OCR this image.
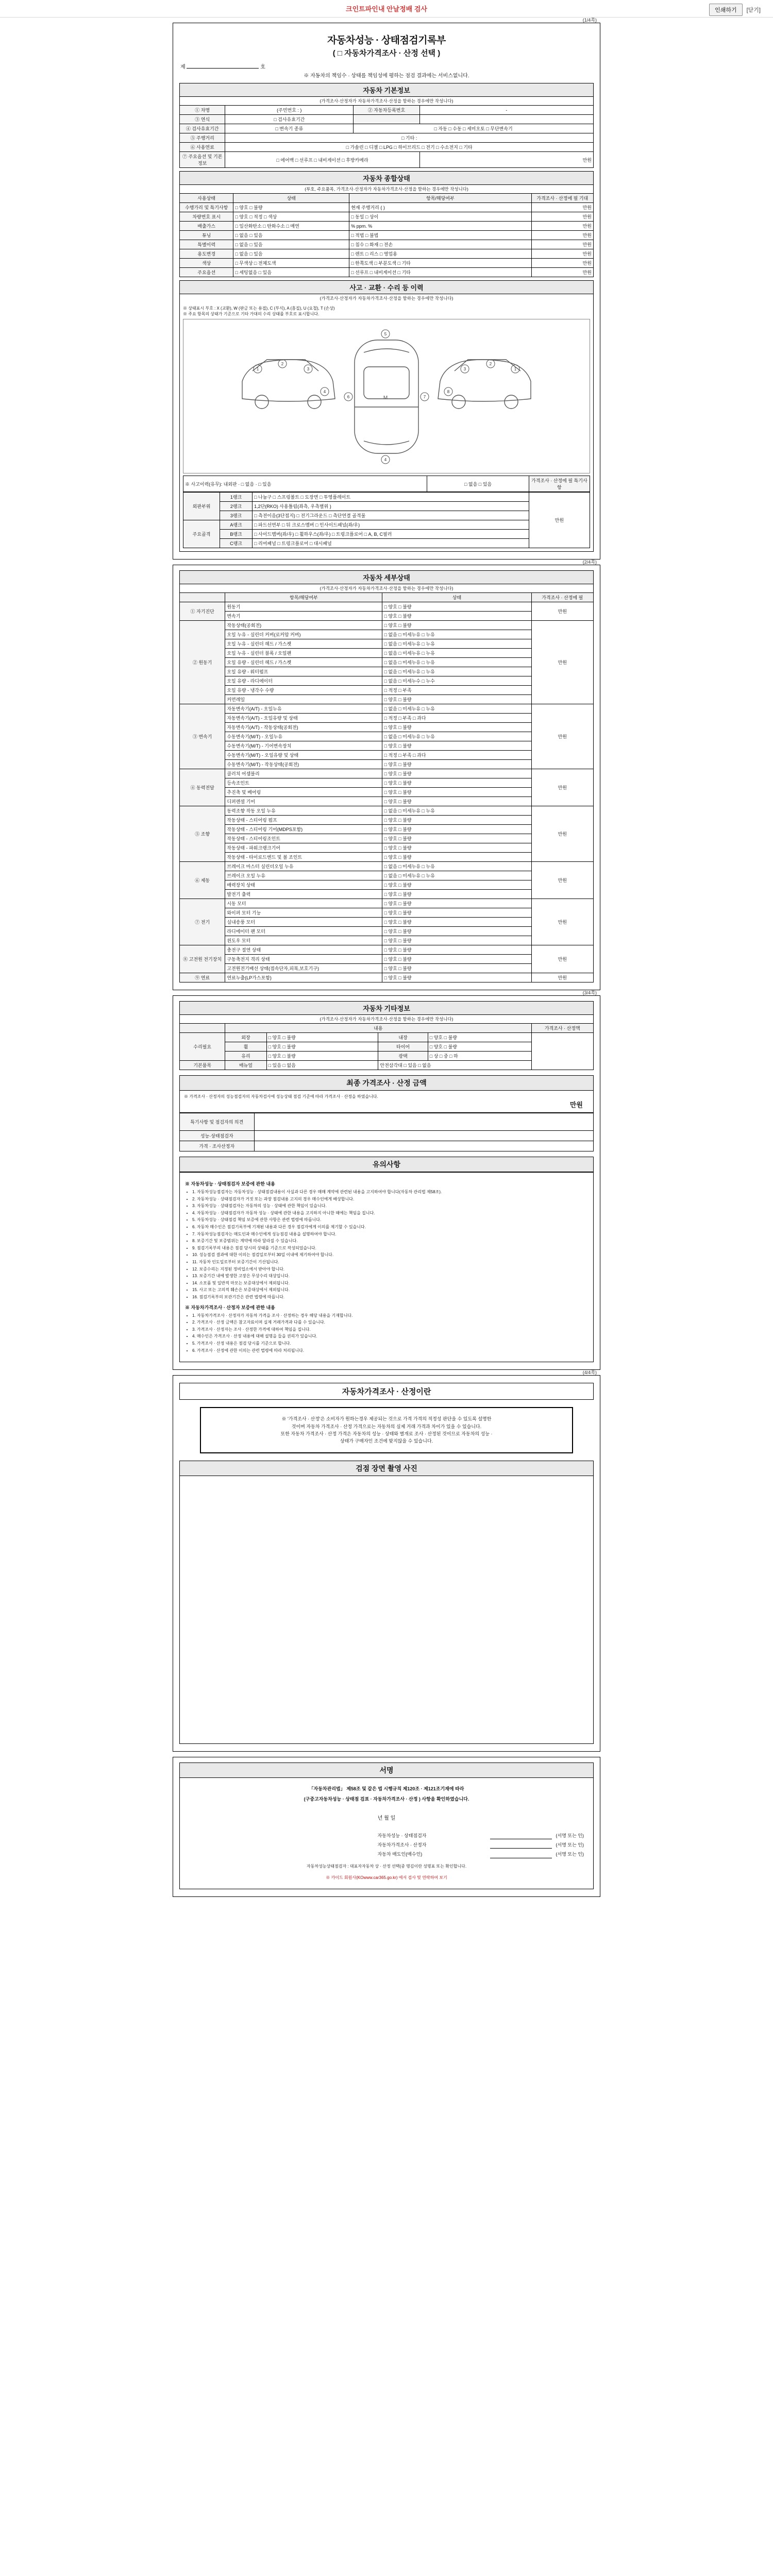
크인트파인내 안날정배 검사	인쇄하기	[닫기]
(1/4쪽)
자동차성능 · 상태점검기록부
( □ 자동차가격조사 · 산정 선택 )
제	호
※ 자동차의 책임수 · 상태를 책임성에 평하는 점검 결과에는 서비스없니다.
자동차 기본정보
(가격조사·산정자가 자동차가격조사·산정을 함하는 경우에만 작성니다)
① 차명	(주민번호 : )	② 자동차등록번호	-
③ 연식	□ 검사유효기간		
④ 검사유효기간	□ 변속기 종류	□ 자동 □ 수동 □ 세미오토 □ 무단변속기	
⑤ 주행거리	□ 기타 :		
⑥ 사용연료	□ 가솔린 □ 디젤 □ LPG □ 하이브리드 □ 전기 □ 수소전지 □ 기타		
⑦ 주요옵션 및 기본정보	□ 에어백 □ 선루프 □ 내비게이션 □ 후방카메라		만원
자동차 종합상태
(부호, 주요품목, 가격조사·산정자가 자동차가격조사·산정을 함하는 경우에만 작성니다)
사용상태	상태	항목/해당여부	가격조사 · 산정에 필 기대
수행가리 및 특기사항	□ 양호 □ 불량	현재 주행거리 ( )	만원
차량번호 표시	□ 양호 □ 적정 □ 색상	□ 동일 □ 상이	만원
배출가스	□ 일산화탄소 □ 탄화수소 □ 매연	% ppm. %	만원
튜닝	□ 없음 □ 있음	□ 적법 □ 불법	만원
특별이력	□ 없음 □ 있음	□ 침수 □ 화재 □ 전손	만원
용도변경	□ 없음 □ 있음	□ 렌트 □ 리스 □ 영업용	만원
색상	□ 무색상 □ 전체도색	□ 한쪽도색 □ 부분도색 □ 기타	만원
주요옵션	□ 세팅없음 □ 있음	□ 선루프 □ 내비게이션 □ 기타	만원
사고 · 교환 · 수리 등 이력
(가격조사·산정자가 자동차가격조사·산정을 함하는 경우에만 작성니다)
※ 상태표시 부호 : X (교환), W (판금 또는 용접), C (부식), A (흠집), U (요철), T (손상)
※ 주요 항목의 상태가 기준으로 기타 가대의 수리 상태를 부호로 표시합니다.
M
1
2
3
4
5
4
6	7
1
2
3
8
※ 사고이력(유무): 내외판 · □ 없음 · □ 있음	□ 없음 □ 있음	가격조사 · 산정에 필 특기사항
외판부위	1랭크	□ 나눔구 □ 스프링볼트 □ 도장면 □ 투영플레이트	만원
	2랭크	1,2단(RKO) 사용틀림(좌측, 우측별위 )	
	3랭크	□ 측전이음(3단접지) □ 전기그라운드 □ 측단연결 골격물	
주요골격	A랭크	□ 파드선면부 □ 뒤 크로스멤버 □ 인사이드패널(좌/우)	
	B랭크	□ 사이드멤버(좌/우) □ 휠하우스(좌/우) □ 트렁크플로어 □ A, B, C필러	
	C랭크	□ 리어패널 □ 트렁크플로어 □ 대시패널	
(2/4쪽)
자동차 세부상태
(가격조사·산정자가 자동차가격조사·산정을 함하는 경우에만 작성니다)
	항목/해당여부	상태	가격조사 · 산정에 필
① 자기진단	원동기	□ 양호 □ 불량	만원
	변속기	□ 양호 □ 불량	
② 원동기	작동상태(공회전)	□ 양호 □ 불량	만원
	오일 누유 - 실린더 커버(로커암 커버)	□ 없음 □ 미세누유 □ 누유	
	오일 누유 - 실린더 헤드 / 가스켓	□ 없음 □ 미세누유 □ 누유	
	오일 누유 - 실린더 블록 / 오일팬	□ 없음 □ 미세누유 □ 누유	
	오일 유량 - 실린더 헤드 / 가스켓	□ 없음 □ 미세누유 □ 누유	
	오일 유량 - 워터펌프	□ 없음 □ 미세누유 □ 누유	
	오일 유량 - 라디에이터	□ 없음 □ 미세누수 □ 누수	
	오일 유량 - 냉각수 수량	□ 적정 □ 부족	
	커먼레일	□ 양호 □ 불량	
③ 변속기	자동변속기(A/T) - 오일누유	□ 없음 □ 미세누유 □ 누유	만원
	자동변속기(A/T) - 오일유량 및 상태	□ 적정 □ 부족 □ 과다	
	자동변속기(A/T) - 작동상태(공회전)	□ 양호 □ 불량	
	수동변속기(M/T) - 오일누유	□ 없음 □ 미세누유 □ 누유	
	수동변속기(M/T) - 기어변속장치	□ 양호 □ 불량	
	수동변속기(M/T) - 오일유량 및 상태	□ 적정 □ 부족 □ 과다	
	수동변속기(M/T) - 작동상태(공회전)	□ 양호 □ 불량	
④ 동력전달	클러치 어셈블리	□ 양호 □ 불량	만원
	등속조인트	□ 양호 □ 불량	
	추진축 및 베어링	□ 양호 □ 불량	
	디퍼렌셜 기어	□ 양호 □ 불량	
⑤ 조향	동력조향 작동 오일 누유	□ 없음 □ 미세누유 □ 누유	만원
	작동상태 - 스티어링 펌프	□ 양호 □ 불량	
	작동상태 - 스티어링 기어(MDPS포함)	□ 양호 □ 불량	
	작동상태 - 스티어링조인트	□ 양호 □ 불량	
	작동상태 - 파워크랭크기어	□ 양호 □ 불량	
	작동상태 - 타이로드엔드 및 볼 조인트	□ 양호 □ 불량	
⑥ 제동	브레이크 마스터 실린더오일 누유	□ 없음 □ 미세누유 □ 누유	만원
	브레이크 오일 누유	□ 없음 □ 미세누유 □ 누유	
	배력장치 상태	□ 양호 □ 불량	
	발전기 출력	□ 양호 □ 불량	
⑦ 전기	시동 모터	□ 양호 □ 불량	만원
	와이퍼 모터 기능	□ 양호 □ 불량	
	실내송풍 모터	□ 양호 □ 불량	
	라디에이터 팬 모터	□ 양호 □ 불량	
	윈도우 모터	□ 양호 □ 불량	
⑧ 고전원 전기장치	충전구 절연 상태	□ 양호 □ 불량	만원
	구동축전지 격리 상태	□ 양호 □ 불량	
	고전원전기배선 상태(접속단자,피복,보호기구)	□ 양호 □ 불량	
⑨ 연료	연료누출(LP가스포함)	□ 양호 □ 불량	만원
(3/4쪽)
자동차 기타정보
(가격조사·산정자가 자동차가격조사·산정을 함하는 경우에만 작성니다)
	내용				가격조사 · 산정액
수리필요	외장	□ 양호 □ 불량	내장	□ 양호 □ 불량	
	휠	□ 양호 □ 불량	타이어	□ 양호 □ 불량	
	유리	□ 양호 □ 불량	광택	□ 상 □ 중 □ 하	
기본품목	매뉴얼	□ 있음 □ 없음	안전삼각대 □ 있음 □ 없음		
최종 가격조사 · 산정 금액
※ 가격조사 · 산정자의 성능점검자의 자동차검사에 성능상태 점검 기준에 따라 가격조사 · 산정을 하였습니다.
만원
특기사항 및 점검자의 의견	
성능·상태점검자	
가격 · 조사산정자	
유의사항
※ 자동차성능 · 상태점검자 보증에 관한 내용
• 1. 자동차성능점검자는 자동차성능 · 상태점검내용이 사실과 다른 경우 매매 계약에 관련된 내용을 고지하여야 합니다(자동차 관리법 제58조).
• 2. 자동차성능 · 상태점검자가 거짓 또는 과장 점검내용 고지의 경우 매수인에게 배상합니다.
• 3. 자동차성능 · 상태점검자는 자동차의 성능 · 상태에 관한 책임이 있습니다.
• 4. 자동차성능 · 상태점검자가 자동차 성능 · 상태에 관한 내용을 고지하지 아니한 때에는 책임을 집니다.
• 5. 자동차성능 · 상태점검 책임 보증에 관한 사항은 관련 법령에 따릅니다.
• 6. 자동차 매수인은 점검기록부에 기재된 내용과 다른 경우 점검자에게 이의를 제기할 수 있습니다.
• 7. 자동차성능점검자는 매도인과 매수인에게 성능점검 내용을 설명하여야 합니다.
• 8. 보증기간 및 보증범위는 계약에 따라 달라질 수 있습니다.
• 9. 점검기록부의 내용은 점검 당시의 상태를 기준으로 작성되었습니다.
• 10. 성능점검 결과에 대한 이의는 점검일로부터 30일 이내에 제기하여야 합니다.
• 11. 자동차 인도일로부터 보증기간이 기산됩니다.
• 12. 보증수리는 지정된 정비업소에서 받아야 합니다.
• 13. 보증기간 내에 발생한 고장은 무상수리 대상입니다.
• 14. 소모품 및 일반적 마모는 보증대상에서 제외됩니다.
• 15. 사고 또는 고의적 훼손은 보증대상에서 제외됩니다.
• 16. 점검기록부의 보관기간은 관련 법령에 따릅니다.
※ 자동차가격조사 · 산정자 보증에 관한 내용
• 1. 자동차가격조사 · 산정자가 자동차 가격을 조사 · 산정하는 경우 해당 내용을 기재합니다.
• 2. 가격조사 · 산정 금액은 참고자료이며 실제 거래가격과 다를 수 있습니다.
• 3. 가격조사 · 산정자는 조사 · 산정한 가격에 대하여 책임을 집니다.
• 4. 매수인은 가격조사 · 산정 내용에 대해 설명을 들을 권리가 있습니다.
• 5. 가격조사 · 산정 내용은 점검 당시를 기준으로 합니다.
• 6. 가격조사 · 산정에 관한 이의는 관련 법령에 따라 처리됩니다.
(4/4쪽)
자동차가격조사 · 산정이란
※ '가격조사 · 산정'은 소비자가 원하는경우 제공되는 것으로 가격 가격의 적정성 판단을 수 있도록 설명한
것이며 자동차 가격조사 · 산정 가격으로는 자동차의 실제 거래 가격과 차이가 있을 수 있습니다.
또한 자동차 가격조사 · 산정 가격은 자동차의 성능 · 상태와 별개로 조사 · 산정된 것이므로 자동차의 성능 ·
상태가 구매자인 조건에 맞지않을 수 있습니다.
검점 장면 촬영 사진
서명
「자동차관리법」 제58조 및 같은 법 시행규칙 제120조 · 제121조기재에 따라
(구중고자동차성능 · 상태점 검표 · 자동차가격조사 · 산정 ) 사항을 확인하였습니다.
년 월 일
자동차성능 · 상태점검자	(서명 또는 인)
자동차가격조사 · 산정자	(서명 또는 인)
자동차 매도인(매수인)	(서명 또는 인)
자동차성능상태점검자 : 대표자자동차 상 · 산정 선택(중 명김이란 성명표 또는 확인합니다.
※ 카이드 회원사(KOwww.car365.go.kr) 에서 검사 및 연락하여 보기
